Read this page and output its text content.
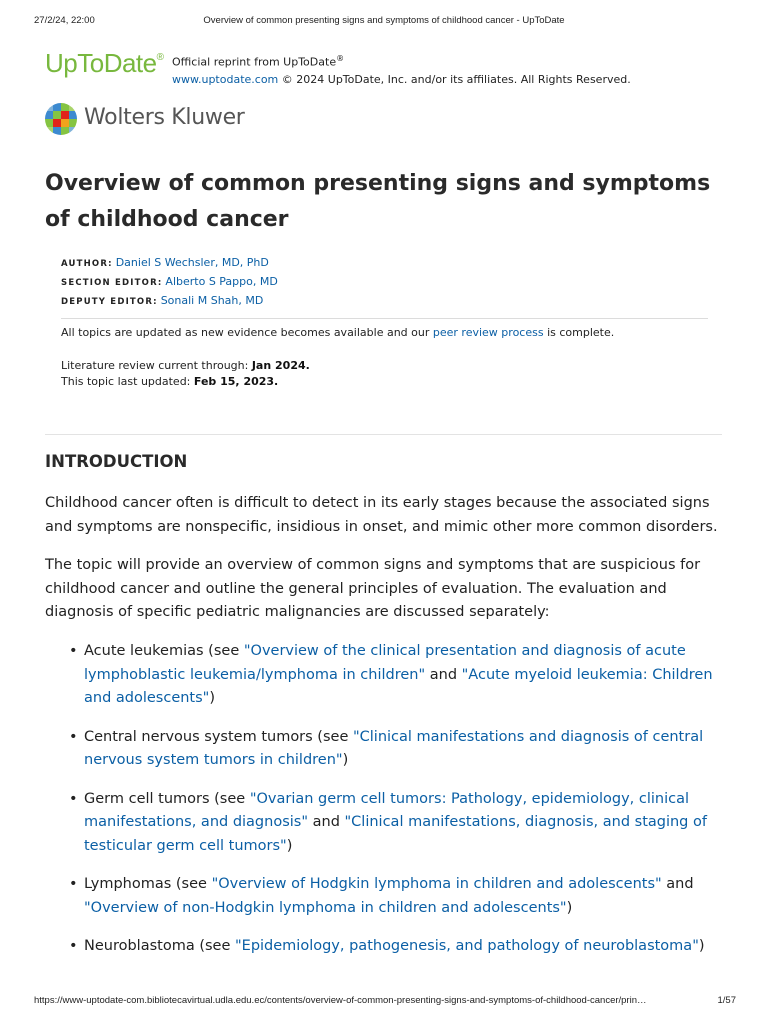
27/2/24, 22:00	Overview of common presenting signs and symptoms of childhood cancer - UpToDate
UpToDate® Official reprint from UpToDate®
www.uptodate.com © 2024 UpToDate, Inc. and/or its affiliates. All Rights Reserved.
Wolters Kluwer
Overview of common presenting signs and symptoms of childhood cancer
AUTHOR: Daniel S Wechsler, MD, PhD
SECTION EDITOR: Alberto S Pappo, MD
DEPUTY EDITOR: Sonali M Shah, MD
All topics are updated as new evidence becomes available and our peer review process is complete.
Literature review current through: Jan 2024.
This topic last updated: Feb 15, 2023.
INTRODUCTION

Childhood cancer often is difficult to detect in its early stages because the associated signs and symptoms are nonspecific, insidious in onset, and mimic other more common disorders.

The topic will provide an overview of common signs and symptoms that are suspicious for childhood cancer and outline the general principles of evaluation. The evaluation and diagnosis of specific pediatric malignancies are discussed separately:

• Acute leukemias (see "Overview of the clinical presentation and diagnosis of acute lymphoblastic leukemia/lymphoma in children" and "Acute myeloid leukemia: Children and adolescents")
• Central nervous system tumors (see "Clinical manifestations and diagnosis of central nervous system tumors in children")
• Germ cell tumors (see "Ovarian germ cell tumors: Pathology, epidemiology, clinical manifestations, and diagnosis" and "Clinical manifestations, diagnosis, and staging of testicular germ cell tumors")
• Lymphomas (see "Overview of Hodgkin lymphoma in children and adolescents" and "Overview of non-Hodgkin lymphoma in children and adolescents")
• Neuroblastoma (see "Epidemiology, pathogenesis, and pathology of neuroblastoma")
https://www-uptodate-com.bibliotecavirtual.udla.edu.ec/contents/overview-of-common-presenting-signs-and-symptoms-of-childhood-cancer/prin…	1/57
